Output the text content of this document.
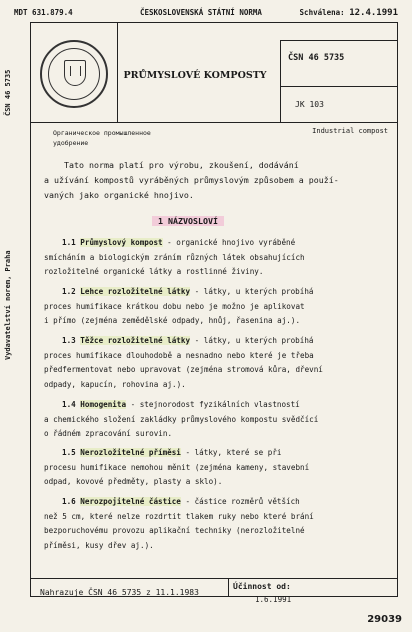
MDT 631.879.4	ČESKOSLOVENSKÁ STÁTNÍ NORMA	Schválena: 12.4.1991
ČSN 46 5735
Vydavatelství norem, Praha
PRŮMYSLOVÉ KOMPOSTY
ČSN 46 5735
JK 103
Органическое промышленное
удобрение
Industrial compost
Tato norma platí pro výrobu, zkoušení, dodávání
a užívání kompostů vyráběných průmyslovým způsobem a použí-
vaných jako organické hnojivo.
1 NÁZVOSLOVÍ
1.1 Průmyslový kompost - organické hnojivo vyráběné
smícháním a biologickým zráním různých látek obsahujících
rozložitelné organické látky a rostlinné živiny.
1.2 Lehce rozložitelné látky - látky, u kterých probíhá
proces humifikace krátkou dobu nebo je možno je aplikovat
i přímo (zejména zemědělské odpady, hnůj, řasenina aj.).
1.3 Těžce rozložitelné látky - látky, u kterých probíhá
proces humifikace dlouhodobě a nesnadno nebo které je třeba
předfermentovat nebo upravovat (zejména stromová kůra, dřevní
odpady, kapucín, rohovina aj.).
1.4 Homogenita - stejnorodost fyzikálních vlastností
a chemického složení zakládky průmyslového kompostu svědčící
o řádném zpracování surovin.
1.5 Nerozložitelné příměsi - látky, které se při
procesu humifikace nemohou měnit (zejména kameny, stavební
odpad, kovové předměty, plasty a sklo).
1.6 Nerozpojitelné částice - částice rozměrů větších
než 5 cm, které nelze rozdrtit tlakem ruky nebo které brání
bezporuchovému provozu aplikační techniky (nerozložitelné
příměsi, kusy dřev aj.).
Nahrazuje ČSN 46 5735 z 11.1.1983
Účinnost od:
1.6.1991
29039
